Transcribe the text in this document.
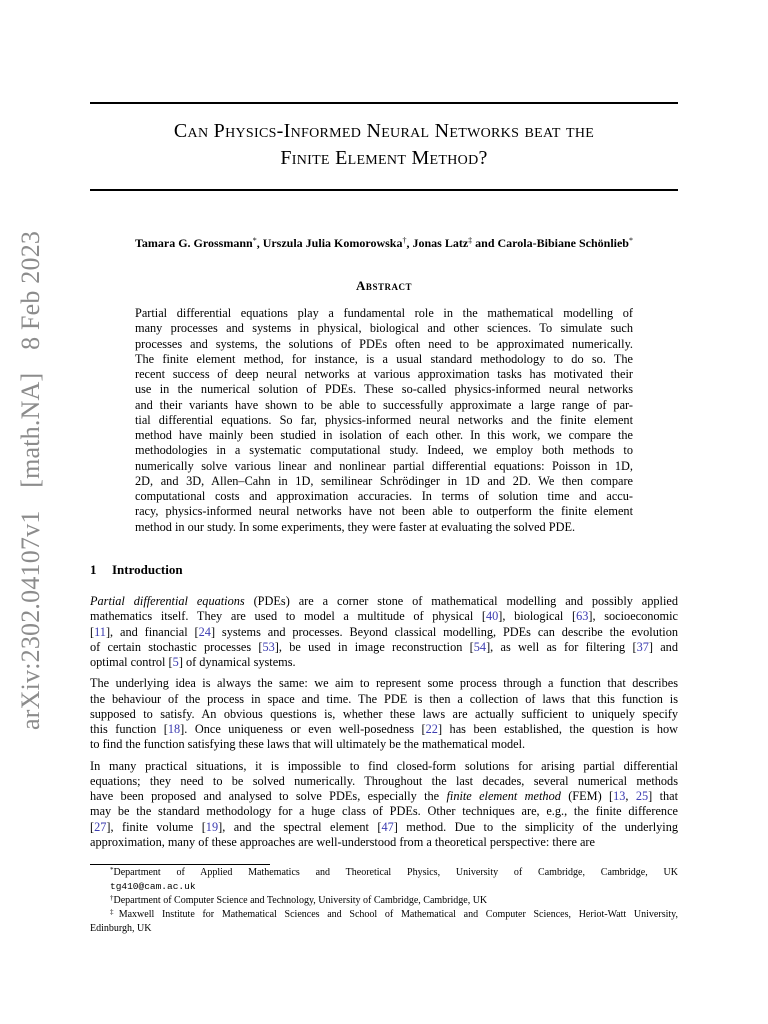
arXiv:2302.04107v1 [math.NA] 8 Feb 2023
Can Physics-Informed Neural Networks beat the
Finite Element Method?
Tamara G. Grossmann*, Urszula Julia Komorowska†, Jonas Latz‡ and Carola-Bibiane Schönlieb*
Abstract
Partial differential equations play a fundamental role in the mathematical modelling of
many processes and systems in physical, biological and other sciences. To simulate such
processes and systems, the solutions of PDEs often need to be approximated numerically.
The finite element method, for instance, is a usual standard methodology to do so. The
recent success of deep neural networks at various approximation tasks has motivated their
use in the numerical solution of PDEs. These so-called physics-informed neural networks
and their variants have shown to be able to successfully approximate a large range of par-
tial differential equations. So far, physics-informed neural networks and the finite element
method have mainly been studied in isolation of each other. In this work, we compare the
methodologies in a systematic computational study. Indeed, we employ both methods to
numerically solve various linear and nonlinear partial differential equations: Poisson in 1D,
2D, and 3D, Allen–Cahn in 1D, semilinear Schrödinger in 1D and 2D. We then compare
computational costs and approximation accuracies. In terms of solution time and accu-
racy, physics-informed neural networks have not been able to outperform the finite element
method in our study. In some experiments, they were faster at evaluating the solved PDE.
1 Introduction
Partial differential equations (PDEs) are a corner stone of mathematical modelling and possibly applied
mathematics itself. They are used to model a multitude of physical [40], biological [63], socioeconomic
[11], and financial [24] systems and processes. Beyond classical modelling, PDEs can describe the evolution
of certain stochastic processes [53], be used in image reconstruction [54], as well as for filtering [37] and
optimal control [5] of dynamical systems.
The underlying idea is always the same: we aim to represent some process through a function that describes
the behaviour of the process in space and time. The PDE is then a collection of laws that this function is
supposed to satisfy. An obvious questions is, whether these laws are actually sufficient to uniquely specify
this function [18]. Once uniqueness or even well-posedness [22] has been established, the question is how
to find the function satisfying these laws that will ultimately be the mathematical model.
In many practical situations, it is impossible to find closed-form solutions for arising partial differential
equations; they need to be solved numerically. Throughout the last decades, several numerical methods
have been proposed and analysed to solve PDEs, especially the finite element method (FEM) [13, 25] that
may be the standard methodology for a huge class of PDEs. Other techniques are, e.g., the finite difference
[27], finite volume [19], and the spectral element [47] method. Due to the simplicity of the underlying
approximation, many of these approaches are well-understood from a theoretical perspective: there are
*Department of Applied Mathematics and Theoretical Physics, University of Cambridge, Cambridge, UK
tg410@cam.ac.uk
†Department of Computer Science and Technology, University of Cambridge, Cambridge, UK
‡Maxwell Institute for Mathematical Sciences and School of Mathematical and Computer Sciences, Heriot-Watt University,
Edinburgh, UK
